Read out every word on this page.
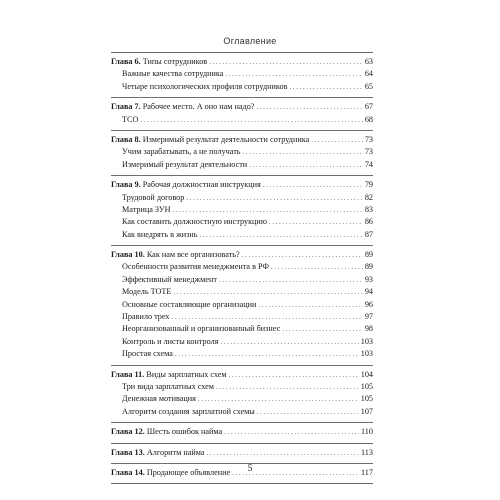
Оглавление
Глава 6. Типы сотрудников .....	63
Важные качества сотрудника .....	64
Четыре психологических профиля сотрудников .....	65
Глава 7. Рабочее место. А оно нам надо? .....	67
ТСО .....	68
Глава 8. Измеримый результат деятельности сотрудника .....	73
Учим зарабатывать, а не получать .....	73
Измеримый результат деятельности .....	74
Глава 9. Рабочая должностная инструкция .....	79
Трудовой договор .....	82
Матрица ЗУН .....	83
Как составить должностную инструкцию .....	86
Как внедрять в жизнь .....	87
Глава 10. Как нам все организовать? .....	89
Особенности развития менеджмента в РФ .....	89
Эффективный менеджмент .....	93
Модель ТОТЕ .....	94
Основные составляющие организации .....	96
Правило трех .....	97
Неорганизованный и организованный бизнес .....	98
Контроль и листы контроля .....	103
Простая схема .....	103
Глава 11. Виды зарплатных схем .....	104
Три вида зарплатных схем .....	105
Денежная мотивация .....	105
Алгоритм создания зарплатной схемы .....	107
Глава 12. Шесть ошибок найма .....	110
Глава 13. Алгоритм найма .....	113
Глава 14. Продающее объявление .....	117
5
